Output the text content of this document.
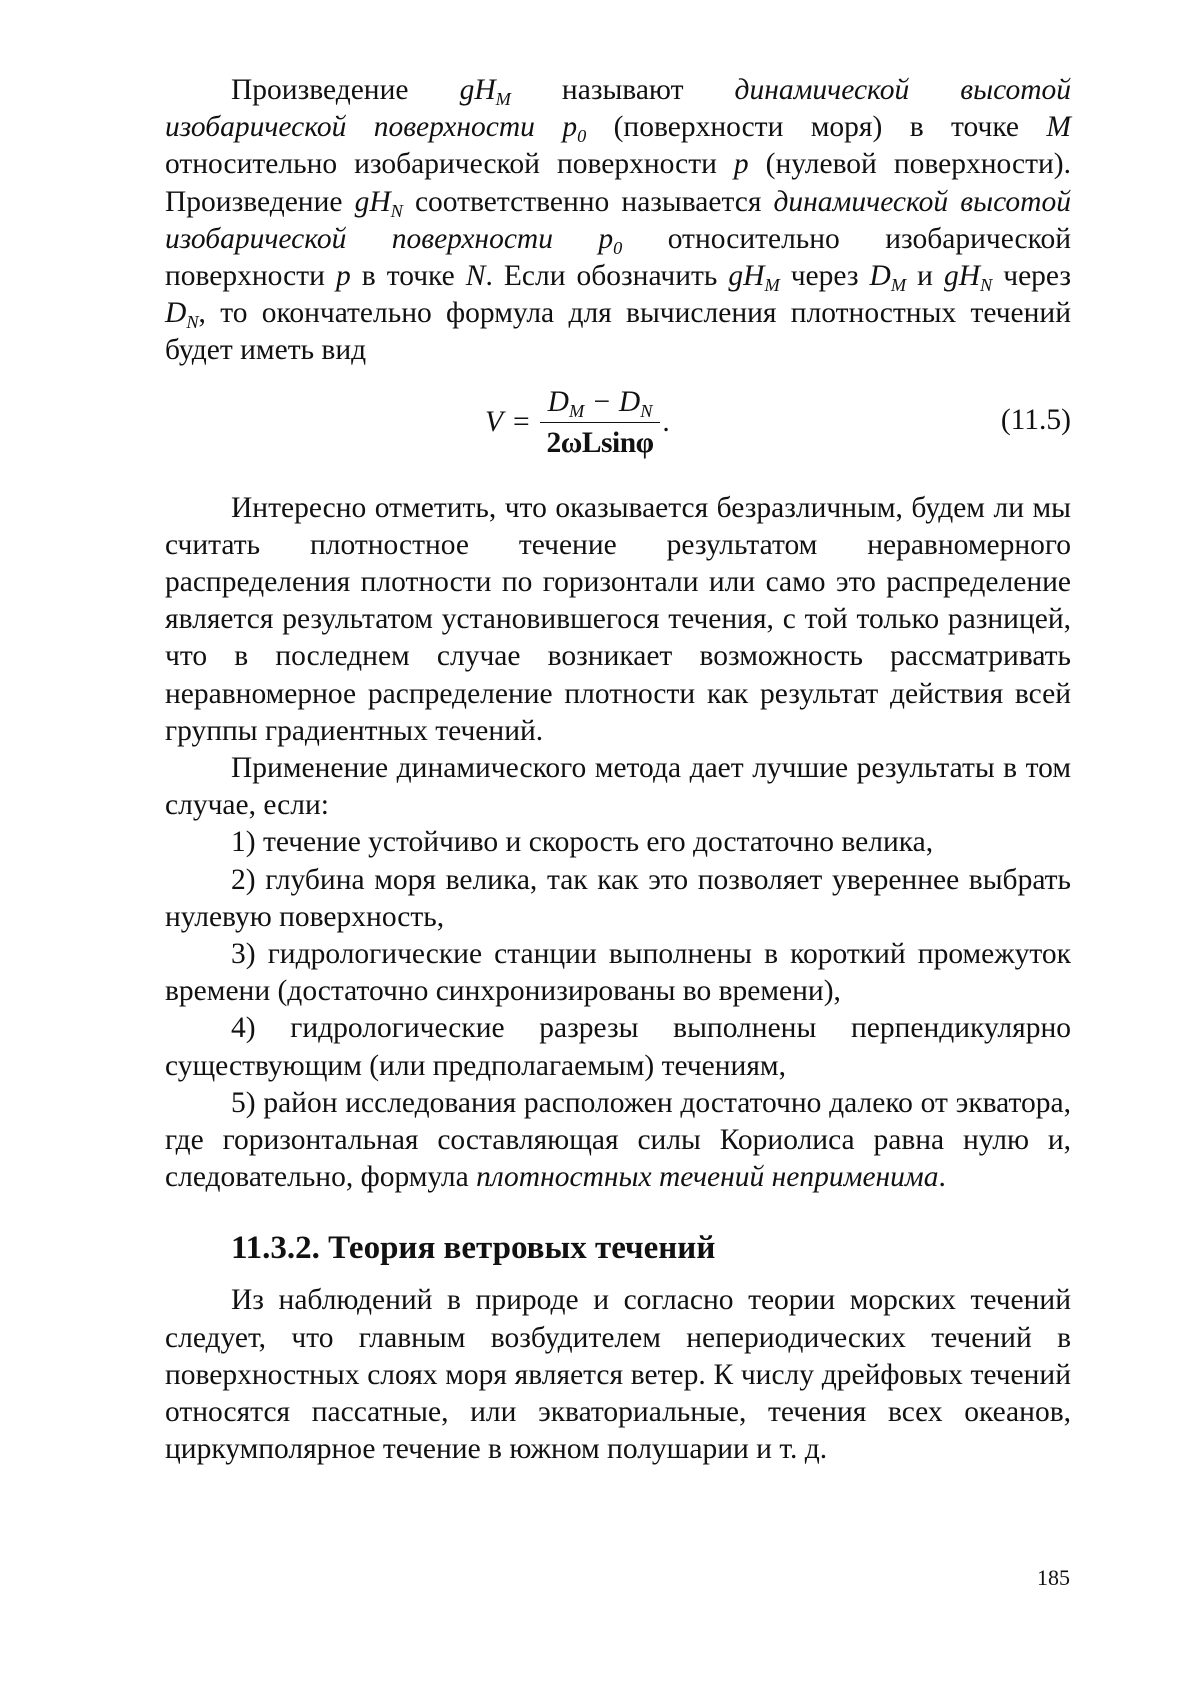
Произведение gHM называют динамической высотой изобарической поверхности p0 (поверхности моря) в точке M относительно изобарической поверхности p (нулевой поверхности). Произведение gHN соответственно называется динамической высотой изобарической поверхности p0 относительно изобарической поверхности p в точке N. Если обозначить gHM через DM и gHN через DN, то окончательно формула для вычисления плотностных течений будет иметь вид

V =
DM − DN
2ωLsinφ
.	(11.5)

Интересно отметить, что оказывается безразличным, будем ли мы считать плотностное течение результатом неравномерного распределения плотности по горизонтали или само это распределение является результатом установившегося течения, с той только разницей, что в последнем случае возникает возможность рассматривать неравномерное распределение плотности как результат действия всей группы градиентных течений.

Применение динамического метода дает лучшие результаты в том случае, если:

1) течение устойчиво и скорость его достаточно велика,

2) глубина моря велика, так как это позволяет увереннее выбрать нулевую поверхность,

3) гидрологические станции выполнены в короткий промежуток времени (достаточно синхронизированы во времени),

4) гидрологические разрезы выполнены перпендикулярно существующим (или предполагаемым) течениям,

5) район исследования расположен достаточно далеко от экватора, где горизонтальная составляющая силы Кориолиса равна нулю и, следовательно, формула плотностных течений неприменима.

11.3.2. Теория ветровых течений

Из наблюдений в природе и согласно теории морских течений следует, что главным возбудителем непериодических течений в поверхностных слоях моря является ветер. К числу дрейфовых течений относятся пассатные, или экваториальные, течения всех океанов, циркумполярное течение в южном полушарии и т. д.

185
